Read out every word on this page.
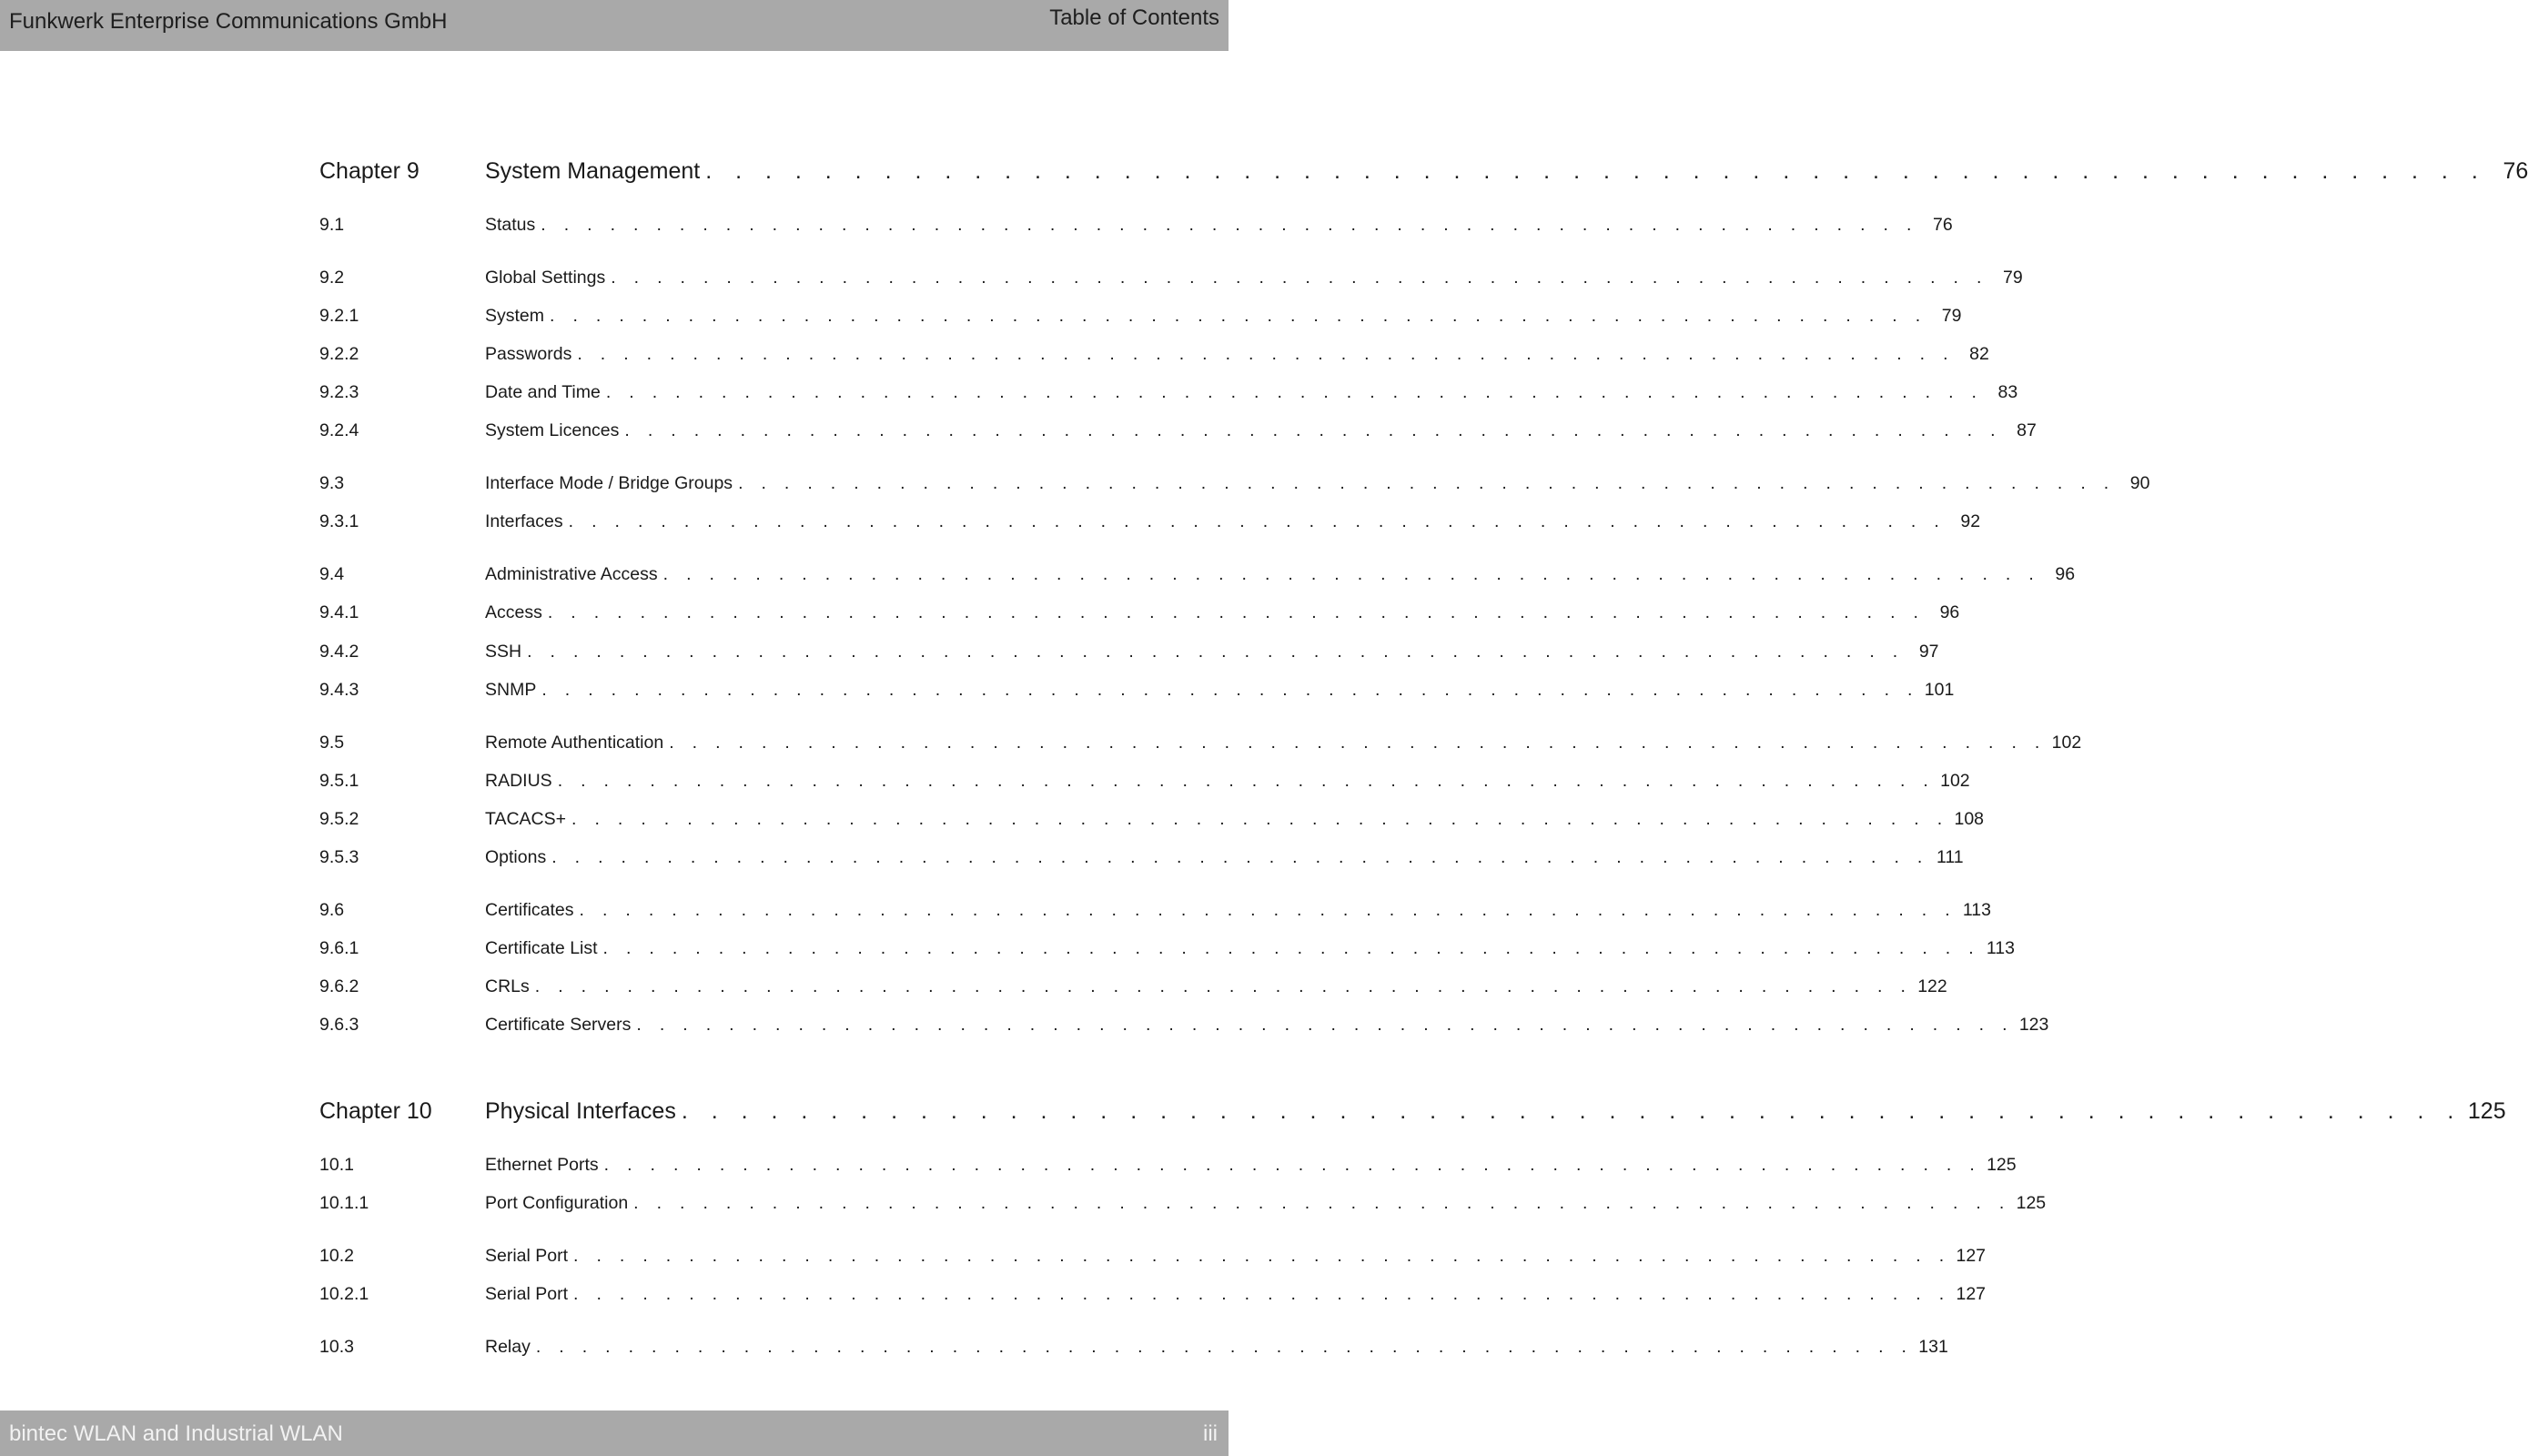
Funkwerk Enterprise Communications GmbH	Table of Contents
Chapter 9	System Management . . . . . . . . . . . . . . . . . . . . . . . . . . . . . . . . . . . . . . . . . . . . . . . . . . . . . . . . . . . . 76
9.1	Status . . . . . . . . . . . . . . . . . . . . . . . . . . . . . . . . . . . . . . . . . . . . . . . . . . . . . . . . . . . . 76
9.2	Global Settings . . . . . . . . . . . . . . . . . . . . . . . . . . . . . . . . . . . . . . . . . . . . . . . . . . . . . . . . . . . . 79
9.2.1	System . . . . . . . . . . . . . . . . . . . . . . . . . . . . . . . . . . . . . . . . . . . . . . . . . . . . . . . . . . . . 79
9.2.2	Passwords . . . . . . . . . . . . . . . . . . . . . . . . . . . . . . . . . . . . . . . . . . . . . . . . . . . . . . . . . . . . 82
9.2.3	Date and Time . . . . . . . . . . . . . . . . . . . . . . . . . . . . . . . . . . . . . . . . . . . . . . . . . . . . . . . . . . . . 83
9.2.4	System Licences . . . . . . . . . . . . . . . . . . . . . . . . . . . . . . . . . . . . . . . . . . . . . . . . . . . . . . . . . . . . 87
9.3	Interface Mode / Bridge Groups . . . . . . . . . . . . . . . . . . . . . . . . . . . . . . . . . . . . . . . . . . . . . . . . . . . . . . . . . . . . 90
9.3.1	Interfaces . . . . . . . . . . . . . . . . . . . . . . . . . . . . . . . . . . . . . . . . . . . . . . . . . . . . . . . . . . . . 92
9.4	Administrative Access . . . . . . . . . . . . . . . . . . . . . . . . . . . . . . . . . . . . . . . . . . . . . . . . . . . . . . . . . . . . 96
9.4.1	Access . . . . . . . . . . . . . . . . . . . . . . . . . . . . . . . . . . . . . . . . . . . . . . . . . . . . . . . . . . . . 96
9.4.2	SSH . . . . . . . . . . . . . . . . . . . . . . . . . . . . . . . . . . . . . . . . . . . . . . . . . . . . . . . . . . . . 97
9.4.3	SNMP . . . . . . . . . . . . . . . . . . . . . . . . . . . . . . . . . . . . . . . . . . . . . . . . . . . . . . . . . . . . 101
9.5	Remote Authentication . . . . . . . . . . . . . . . . . . . . . . . . . . . . . . . . . . . . . . . . . . . . . . . . . . . . . . . . . . . . 102
9.5.1	RADIUS . . . . . . . . . . . . . . . . . . . . . . . . . . . . . . . . . . . . . . . . . . . . . . . . . . . . . . . . . . . . 102
9.5.2	TACACS+ . . . . . . . . . . . . . . . . . . . . . . . . . . . . . . . . . . . . . . . . . . . . . . . . . . . . . . . . . . . . 108
9.5.3	Options . . . . . . . . . . . . . . . . . . . . . . . . . . . . . . . . . . . . . . . . . . . . . . . . . . . . . . . . . . . . 111
9.6	Certificates . . . . . . . . . . . . . . . . . . . . . . . . . . . . . . . . . . . . . . . . . . . . . . . . . . . . . . . . . . . . 113
9.6.1	Certificate List . . . . . . . . . . . . . . . . . . . . . . . . . . . . . . . . . . . . . . . . . . . . . . . . . . . . . . . . . . . . 113
9.6.2	CRLs . . . . . . . . . . . . . . . . . . . . . . . . . . . . . . . . . . . . . . . . . . . . . . . . . . . . . . . . . . . . 122
9.6.3	Certificate Servers . . . . . . . . . . . . . . . . . . . . . . . . . . . . . . . . . . . . . . . . . . . . . . . . . . . . . . . . . . . . 123
Chapter 10 Physical Interfaces . . . . . . . . . . . . . . . . . . . . . . . . . . . . . . . . . . . . . . . . . . . . . . . . . . . . . . . . . . . . 125
10.1	Ethernet Ports . . . . . . . . . . . . . . . . . . . . . . . . . . . . . . . . . . . . . . . . . . . . . . . . . . . . . . . . . . . . 125
10.1.1	Port Configuration . . . . . . . . . . . . . . . . . . . . . . . . . . . . . . . . . . . . . . . . . . . . . . . . . . . . . . . . . . . . 125
10.2	Serial Port . . . . . . . . . . . . . . . . . . . . . . . . . . . . . . . . . . . . . . . . . . . . . . . . . . . . . . . . . . . . 127
10.2.1	Serial Port . . . . . . . . . . . . . . . . . . . . . . . . . . . . . . . . . . . . . . . . . . . . . . . . . . . . . . . . . . . . 127
10.3	Relay . . . . . . . . . . . . . . . . . . . . . . . . . . . . . . . . . . . . . . . . . . . . . . . . . . . . . . . . . . . . 131
bintec WLAN and Industrial WLAN	iii
